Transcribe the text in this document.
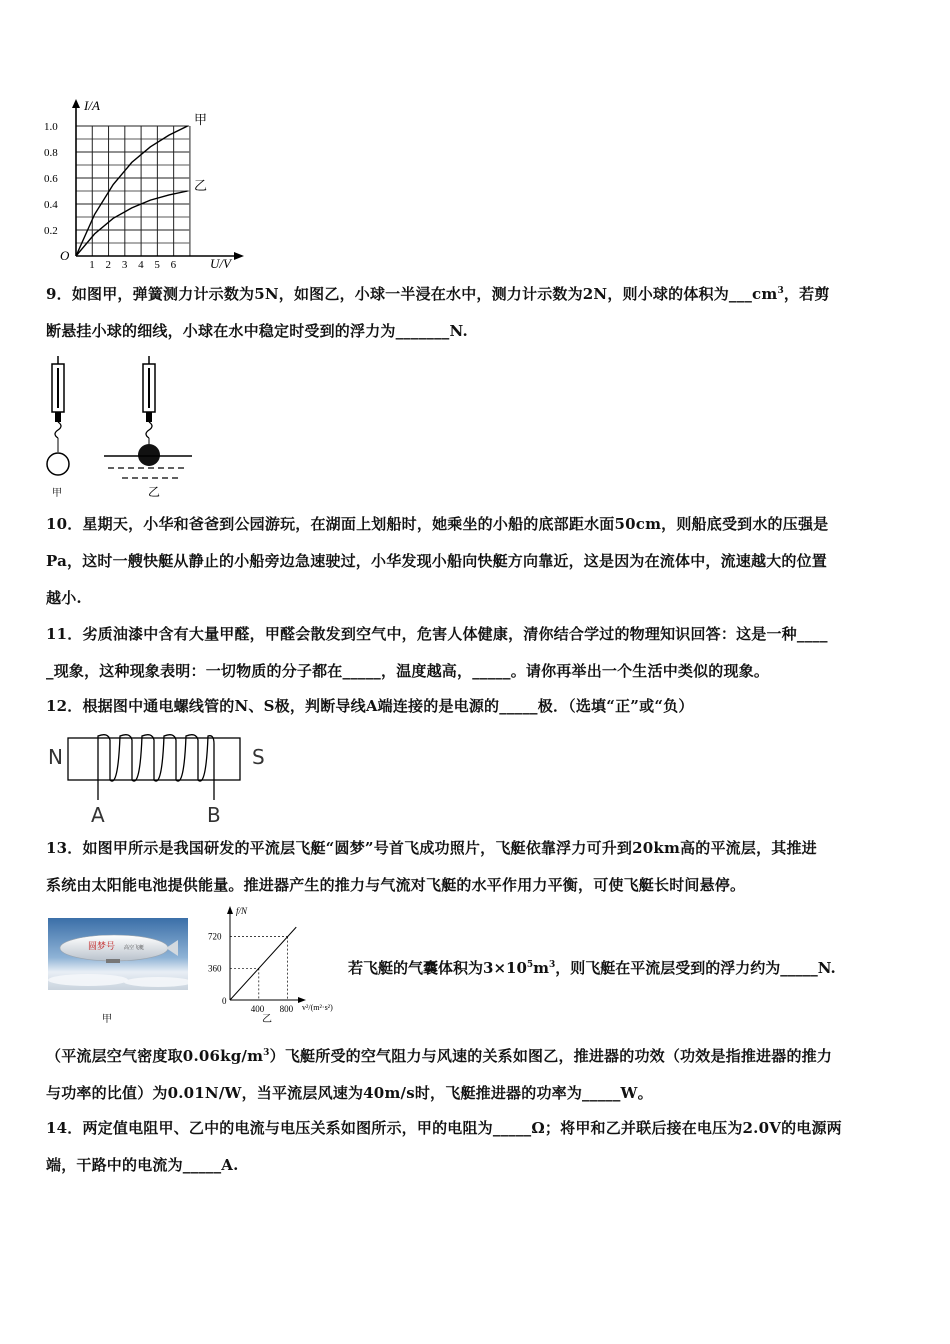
I/A
U/V
O
甲
乙
0.2
0.4
0.6
0.8
1.0
1 2 3 4 5 6
9．如图甲，弹簧测力计示数为5N，如图乙，小球一半浸在水中，测力计示数为2N，则小球的体积为$\_\_\_cm^3$，若剪
断悬挂小球的细线，小球在水中稳定时受到的浮力为_______N.
甲	乙
10．星期天，小华和爸爸到公园游玩，在湖面上划船时，她乘坐的小船的底部距水面50cm，则船底受到水的压强是
Pa，这时一艘快艇从静止的小船旁边急速驶过，小华发现小船向快艇方向靠近，这是因为在流体中，流速越大的位置
越小.
11．劣质油漆中含有大量甲醛，甲醛会散发到空气中，危害人体健康，清你结合学过的物理知识回答：这是一种____
_现象，这种现象表明：一切物质的分子都在_____，温度越高，_____。请你再举出一个生活中类似的现象。
12．根据图中通电螺线管的N、S极，判断导线A端连接的是电源的_____极．（选填“正”或“负）
N	S
A	B
13．如图甲所示是我国研发的平流层飞艇“圆梦”号首飞成功照片，飞艇依靠浮力可升到20km高的平流层，其推进
系统由太阳能电池提供能量。推进器产生的推力与气流对飞艇的水平作用力平衡，可使飞艇长时间悬停。
圆梦号 高空飞艇
甲
720
360
400 800
f/N
v²/(m²·s²)
0
乙
若飞艇的气囊体积为$3\times 10^5m^3$，则飞艇在平流层受到的浮力约为_____N.
（平流层空气密度取$0.06kg/m^3$）飞艇所受的空气阻力与风速的关系如图乙，推进器的功效（功效是指推进器的推力
与功率的比值）为0.01N/W，当平流层风速为40m/s时，飞艇推进器的功率为_____W。
14．两定值电阻甲、乙中的电流与电压关系如图所示，甲的电阻为_____Ω；将甲和乙并联后接在电压为2.0V的电源两
端，干路中的电流为_____A.
